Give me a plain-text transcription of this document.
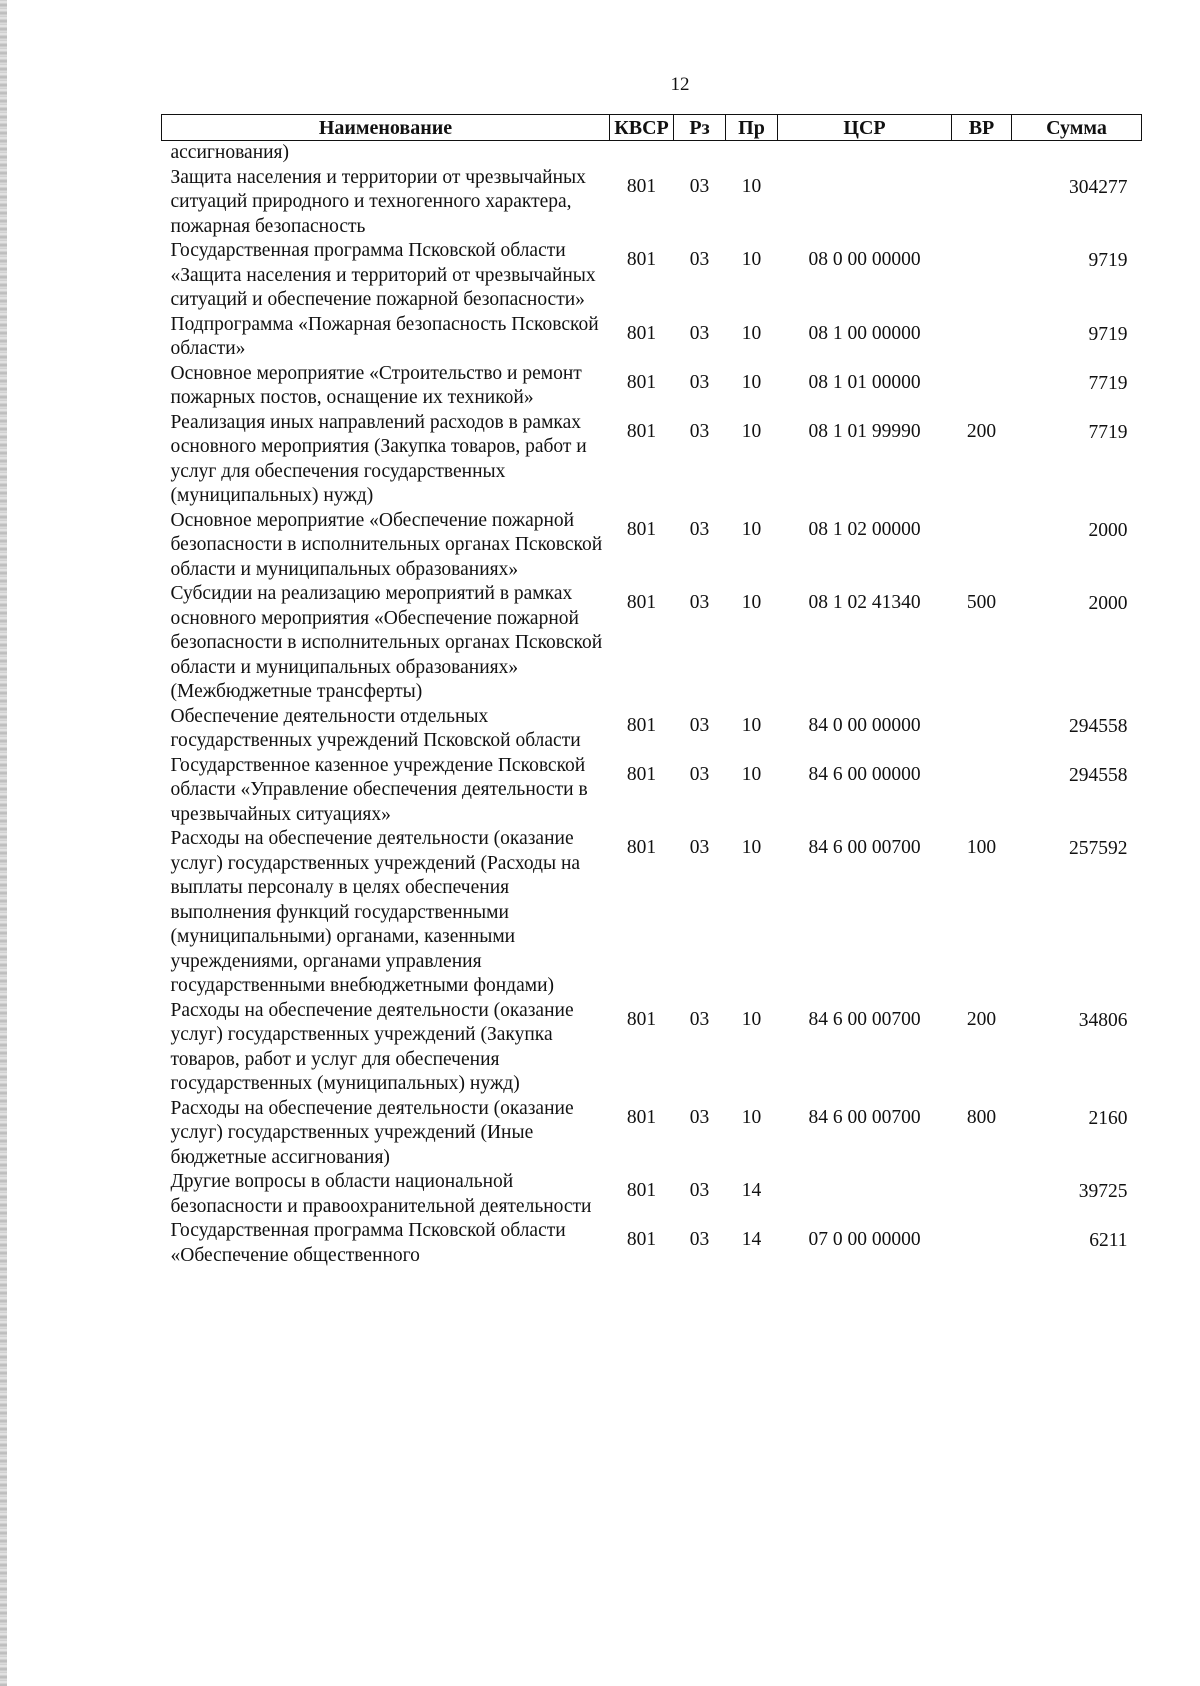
12
Наименование	КВСР	Рз	Пр	ЦСР	ВР	Сумма
ассигнования)						
Защита населения и территории от чрезвычайных ситуаций природного и техногенного характера, пожарная безопасность	801	03	10			304277
Государственная программа Псковской области «Защита населения и территорий от чрезвычайных ситуаций и обеспечение пожарной безопасности»	801	03	10	08 0 00 00000		9719
Подпрограмма «Пожарная безопасность Псковской области»	801	03	10	08 1 00 00000		9719
Основное мероприятие «Строительство и ремонт пожарных постов, оснащение их техникой»	801	03	10	08 1 01 00000		7719
Реализация иных направлений расходов в рамках основного мероприятия (Закупка товаров, работ и услуг для обеспечения государственных (муниципальных) нужд)	801	03	10	08 1 01 99990	200	7719
Основное мероприятие «Обеспечение пожарной безопасности в исполнительных органах Псковской области и муниципальных образованиях»	801	03	10	08 1 02 00000		2000
Субсидии на реализацию мероприятий в рамках основного мероприятия «Обеспечение пожарной безопасности в исполнительных органах Псковской области и муниципальных образованиях» (Межбюджетные трансферты)	801	03	10	08 1 02 41340	500	2000
Обеспечение деятельности отдельных государственных учреждений Псковской области	801	03	10	84 0 00 00000		294558
Государственное казенное учреждение Псковской области «Управление обеспечения деятельности в чрезвычайных ситуациях»	801	03	10	84 6 00 00000		294558
Расходы на обеспечение деятельности (оказание услуг) государственных учреждений (Расходы на выплаты персоналу в целях обеспечения выполнения функций государственными (муниципальными) органами, казенными учреждениями, органами управления государственными внебюджетными фондами)	801	03	10	84 6 00 00700	100	257592
Расходы на обеспечение деятельности (оказание услуг) государственных учреждений (Закупка товаров, работ и услуг для обеспечения государственных (муниципальных) нужд)	801	03	10	84 6 00 00700	200	34806
Расходы на обеспечение деятельности (оказание услуг) государственных учреждений (Иные бюджетные ассигнования)	801	03	10	84 6 00 00700	800	2160
Другие вопросы в области национальной безопасности и правоохранительной деятельности	801	03	14			39725
Государственная программа Псковской области «Обеспечение общественного	801	03	14	07 0 00 00000		6211
